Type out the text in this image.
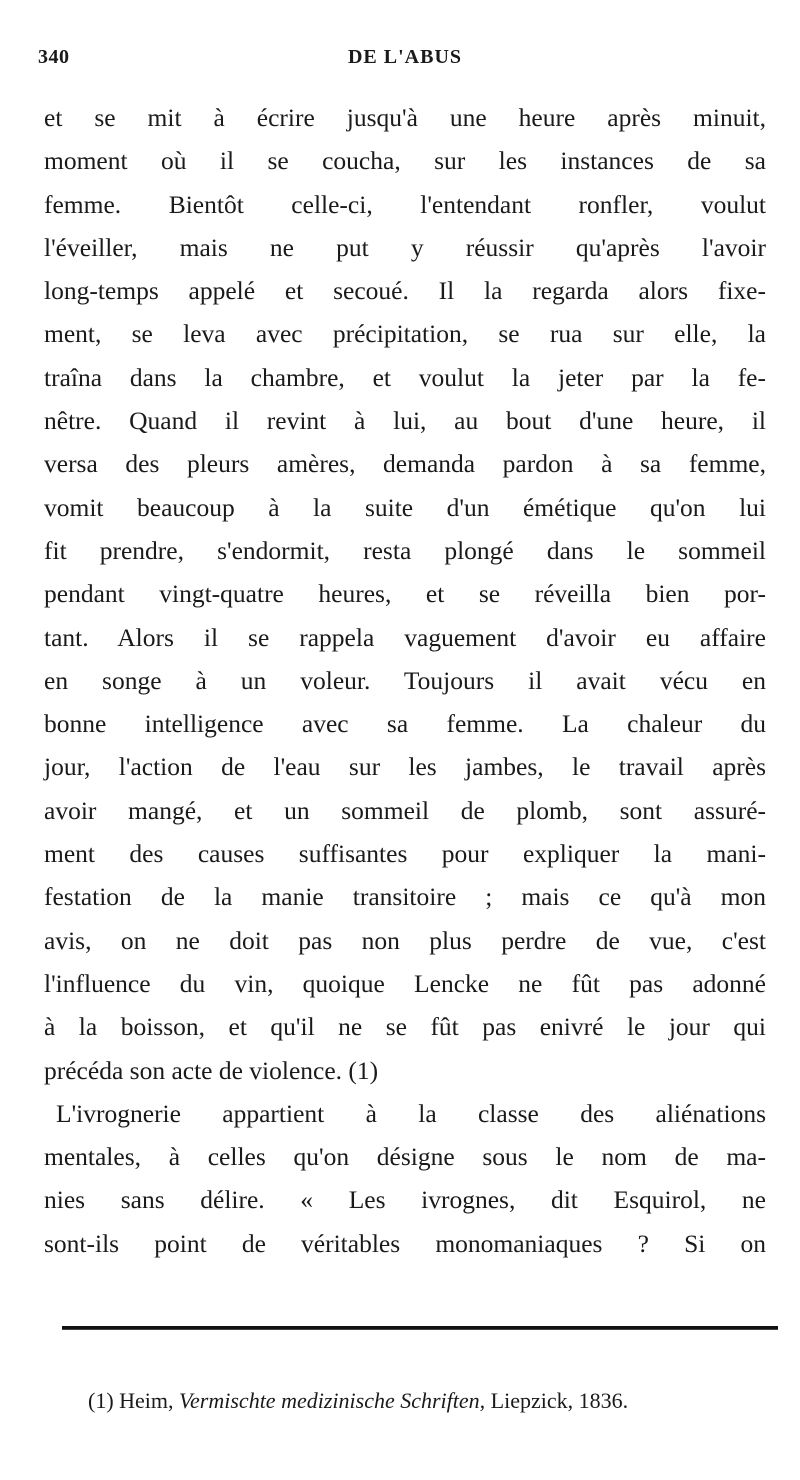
340	DE L'ABUS
et se mit à écrire jusqu'à une heure après minuit,
moment où il se coucha, sur les instances de sa
femme. Bientôt celle-ci, l'entendant ronfler, voulut
l'éveiller, mais ne put y réussir qu'après l'avoir
long-temps appelé et secoué. Il la regarda alors fixe-
ment, se leva avec précipitation, se rua sur elle, la
traîna dans la chambre, et voulut la jeter par la fe-
nêtre. Quand il revint à lui, au bout d'une heure, il
versa des pleurs amères, demanda pardon à sa femme,
vomit beaucoup à la suite d'un émétique qu'on lui
fit prendre, s'endormit, resta plongé dans le sommeil
pendant vingt-quatre heures, et se réveilla bien por-
tant. Alors il se rappela vaguement d'avoir eu affaire
en songe à un voleur. Toujours il avait vécu en
bonne intelligence avec sa femme. La chaleur du
jour, l'action de l'eau sur les jambes, le travail après
avoir mangé, et un sommeil de plomb, sont assuré-
ment des causes suffisantes pour expliquer la mani-
festation de la manie transitoire ; mais ce qu'à mon
avis, on ne doit pas non plus perdre de vue, c'est
l'influence du vin, quoique Lencke ne fût pas adonné
à la boisson, et qu'il ne se fût pas enivré le jour qui
précéda son acte de violence. (1)
L'ivrognerie appartient à la classe des aliénations
mentales, à celles qu'on désigne sous le nom de ma-
nies sans délire. « Les ivrognes, dit Esquirol, ne
sont-ils point de véritables monomaniaques ? Si on
(1) Heim, Vermischte medizinische Schriften, Liepzick, 1836.
